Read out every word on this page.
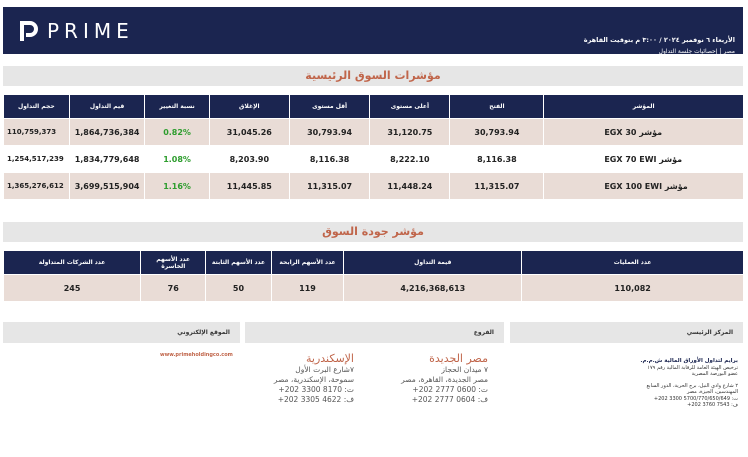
PRIME	الأربعاء ٦ نوفمبر ٢٠٢٤ / ٣:٠٠ م بتوقيت القاهرة
مصر | إحصائيات جلسة التداول
مؤشرات السوق الرئيسية
حجم التداول	قيم التداول	نسبة التغيير	الإغلاق	أقل مستوى	أعلى مستوى	الفتح	المؤشر
110,759,373	1,864,736,384	0.82%	31,045.26	30,793.94	31,120.75	30,793.94	مؤشر EGX 30
1,254,517,239	1,834,779,648	1.08%	8,203.90	8,116.38	8,222.10	8,116.38	مؤشر EGX 70 EWI
1,365,276,612	3,699,515,904	1.16%	11,445.85	11,315.07	11,448.24	11,315.07	مؤشر EGX 100 EWI
مؤشر جودة السوق
عدد الشركات المتداولة	عدد الأسهم الخاسرة	عدد الأسهم الثابتة	عدد الأسهم الرابحة	قيمة التداول	عدد العمليات
245	76	50	119	4,216,368,613	110,082
الموقع الإلكتروني	الفروع	المركز الرئيسي
www.primeholdingco.com	الإسكندرية
٧شارع البرت الأول
سموحة، الإسكندرية، مصر
ت: 8170 3300 202+
ف: 4622 3305 202+
مصر الجديدة
٧ ميدان الحجاز
مصر الجديدة، القاهرة، مصر
ت: 0600 2777 202+
ف: 0604 2777 202+
برايم لتداول الأوراق المالية ش.م.م.
ترخيص الهيئة العامة للرقابة المالية رقم ١٧٩
عضو البورصة المصرية
٢ شارع وادي النيل، برج الحرية، الدور السابع
المهندسين، الجيزة، مصر
ت: 5700/770/650/649 3300 202+
ف: 7543 3760 202+
